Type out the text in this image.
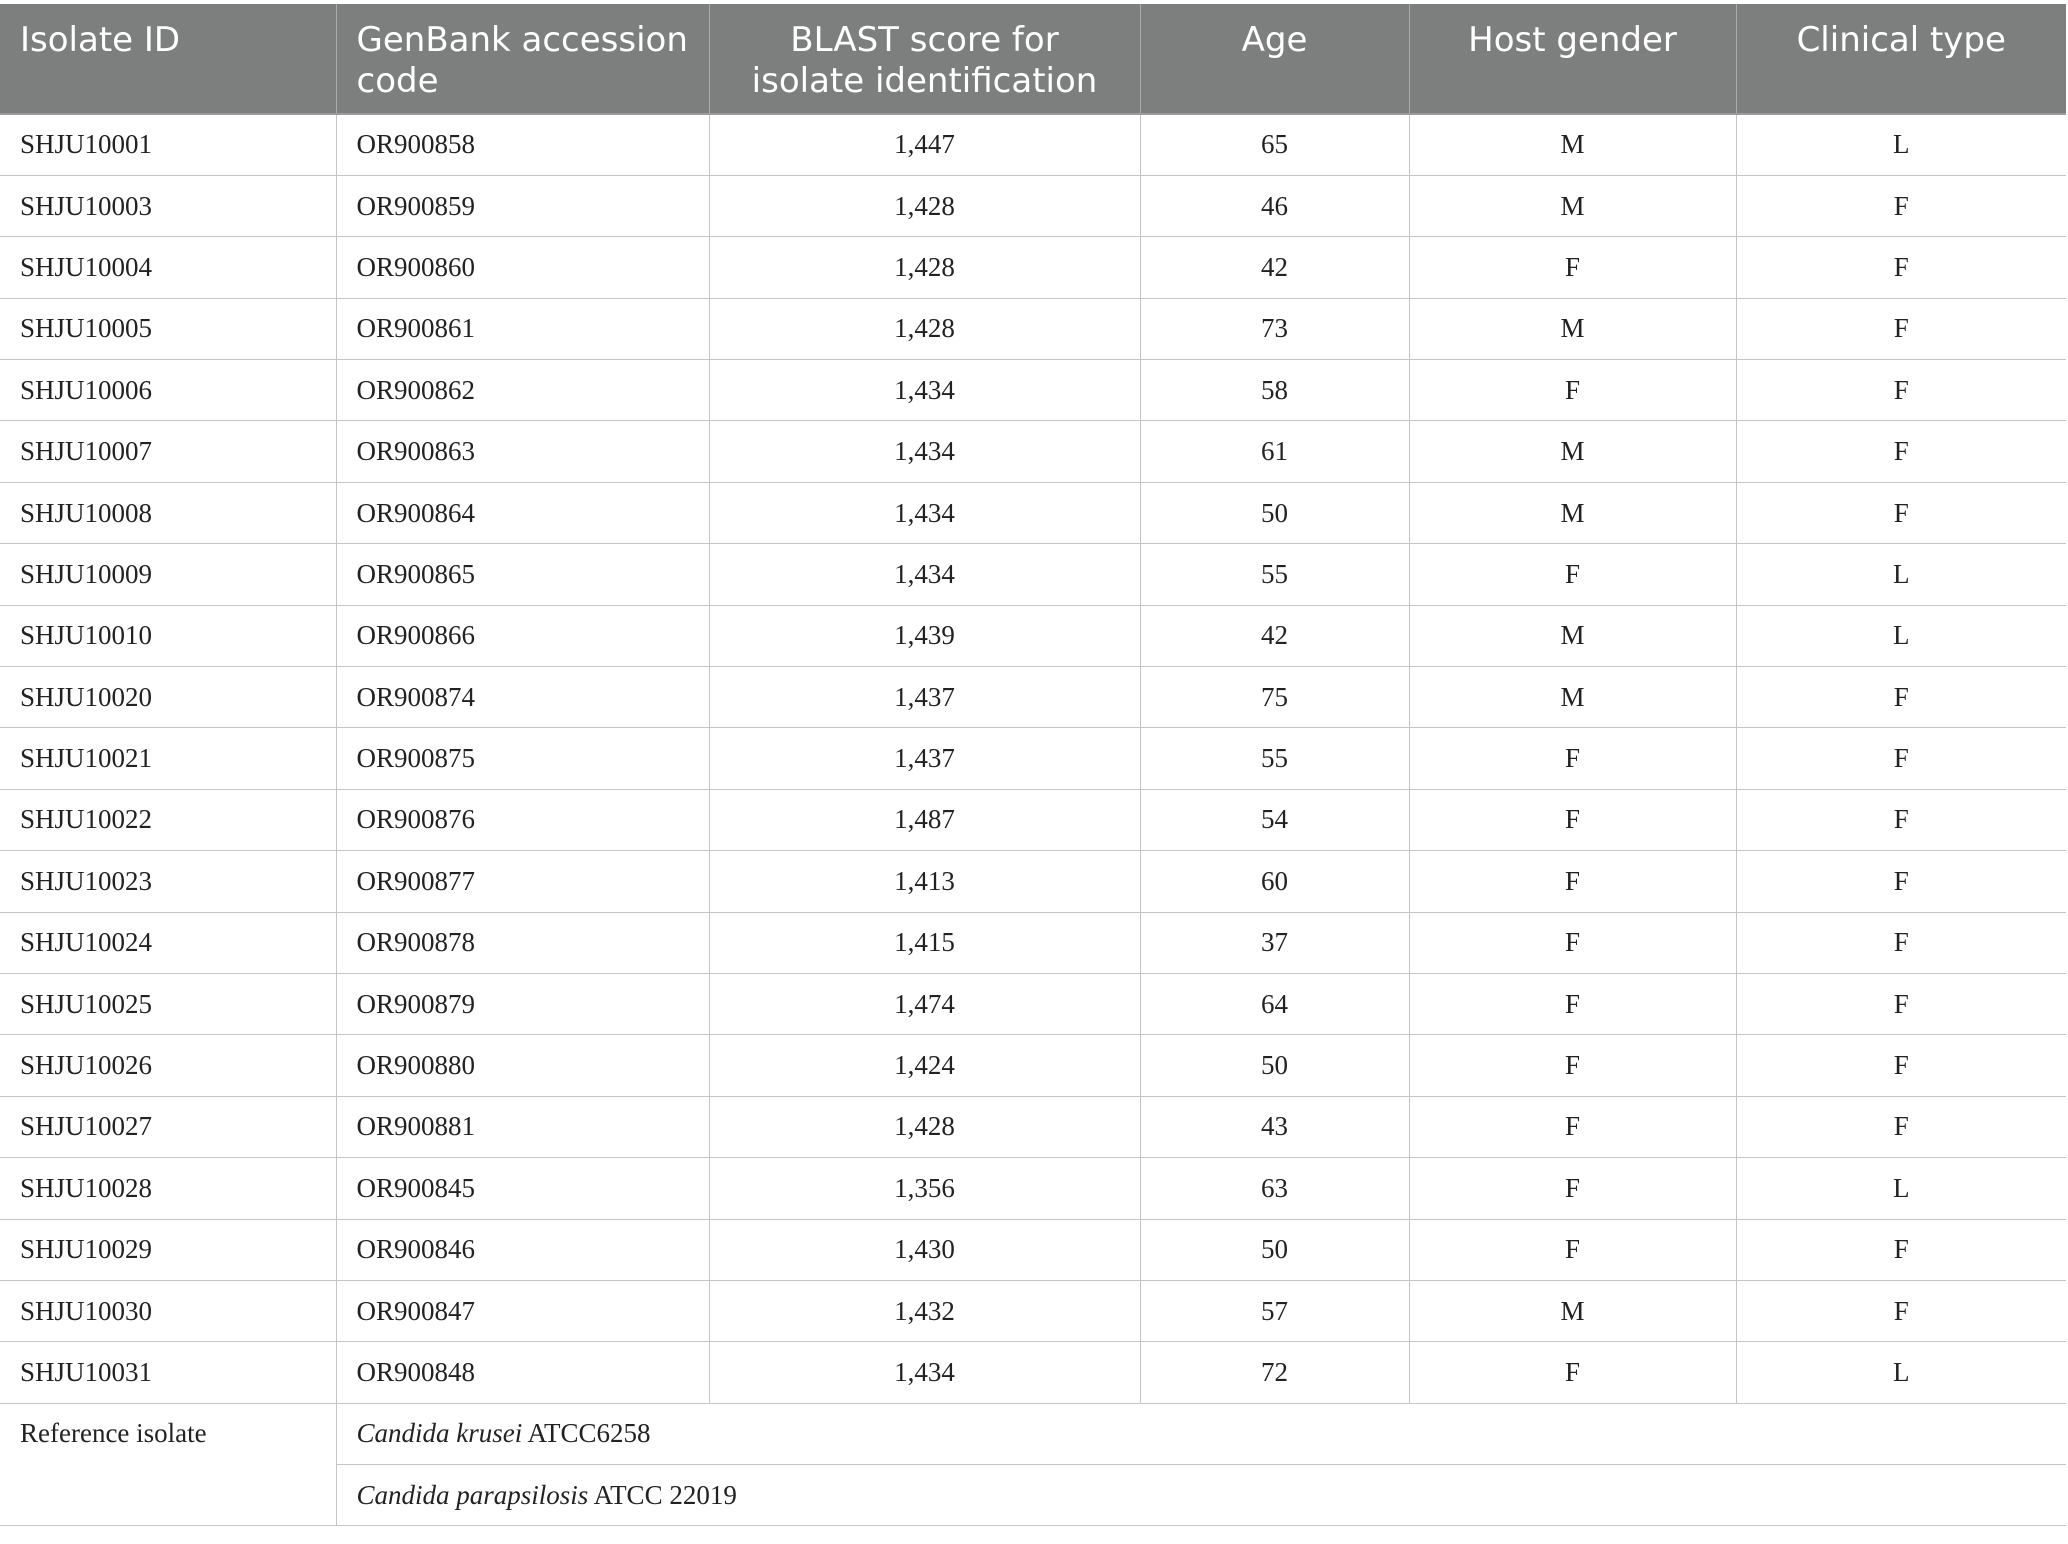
Isolate ID	GenBank accession code	BLAST score for isolate identification	Age	Host gender	Clinical type
SHJU10001	OR900858	1,447	65	M	L
SHJU10003	OR900859	1,428	46	M	F
SHJU10004	OR900860	1,428	42	F	F
SHJU10005	OR900861	1,428	73	M	F
SHJU10006	OR900862	1,434	58	F	F
SHJU10007	OR900863	1,434	61	M	F
SHJU10008	OR900864	1,434	50	M	F
SHJU10009	OR900865	1,434	55	F	L
SHJU10010	OR900866	1,439	42	M	L
SHJU10020	OR900874	1,437	75	M	F
SHJU10021	OR900875	1,437	55	F	F
SHJU10022	OR900876	1,487	54	F	F
SHJU10023	OR900877	1,413	60	F	F
SHJU10024	OR900878	1,415	37	F	F
SHJU10025	OR900879	1,474	64	F	F
SHJU10026	OR900880	1,424	50	F	F
SHJU10027	OR900881	1,428	43	F	F
SHJU10028	OR900845	1,356	63	F	L
SHJU10029	OR900846	1,430	50	F	F
SHJU10030	OR900847	1,432	57	M	F
SHJU10031	OR900848	1,434	72	F	L
Reference isolate	Candida krusei ATCC6258				
	Candida parapsilosis ATCC 22019				
